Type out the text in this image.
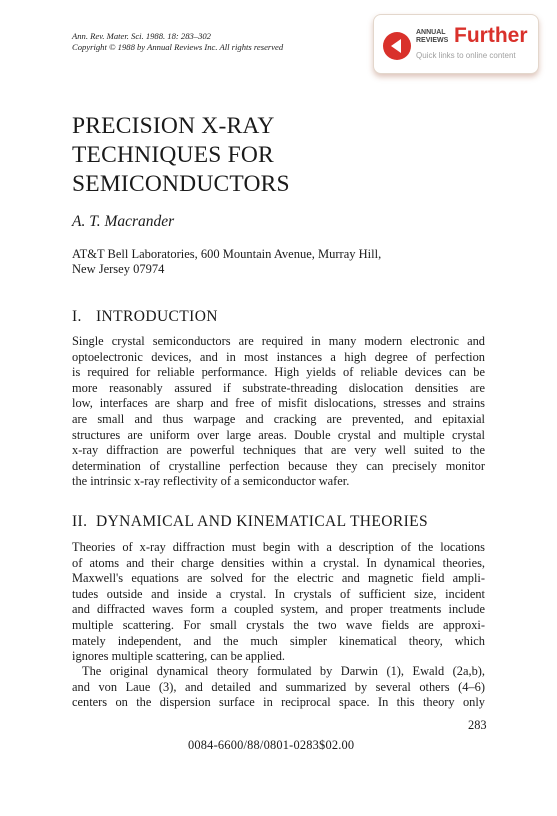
Ann. Rev. Mater. Sci. 1988. 18: 283–302
Copyright © 1988 by Annual Reviews Inc. All rights reserved
ANNUAL
REVIEWS Further
Quick links to online content
PRECISION X-RAY
TECHNIQUES FOR
SEMICONDUCTORS
A. T. Macrander
AT&T Bell Laboratories, 600 Mountain Avenue, Murray Hill,
New Jersey 07974
I. INTRODUCTION
Single crystal semiconductors are required in many modern electronic and
optoelectronic devices, and in most instances a high degree of perfection
is required for reliable performance. High yields of reliable devices can be
more reasonably assured if substrate-threading dislocation densities are
low, interfaces are sharp and free of misfit dislocations, stresses and strains
are small and thus warpage and cracking are prevented, and epitaxial
structures are uniform over large areas. Double crystal and multiple crystal
x-ray diffraction are powerful techniques that are very well suited to the
determination of crystalline perfection because they can precisely monitor
the intrinsic x-ray reflectivity of a semiconductor wafer.
II. DYNAMICAL AND KINEMATICAL THEORIES
Theories of x-ray diffraction must begin with a description of the locations
of atoms and their charge densities within a crystal. In dynamical theories,
Maxwell's equations are solved for the electric and magnetic field ampli-
tudes outside and inside a crystal. In crystals of sufficient size, incident
and diffracted waves form a coupled system, and proper treatments include
multiple scattering. For small crystals the two wave fields are approxi-
mately independent, and the much simpler kinematical theory, which
ignores multiple scattering, can be applied.
The original dynamical theory formulated by Darwin (1), Ewald (2a,b),
and von Laue (3), and detailed and summarized by several others (4–6)
centers on the dispersion surface in reciprocal space. In this theory only
283
0084-6600/88/0801-0283$02.00
